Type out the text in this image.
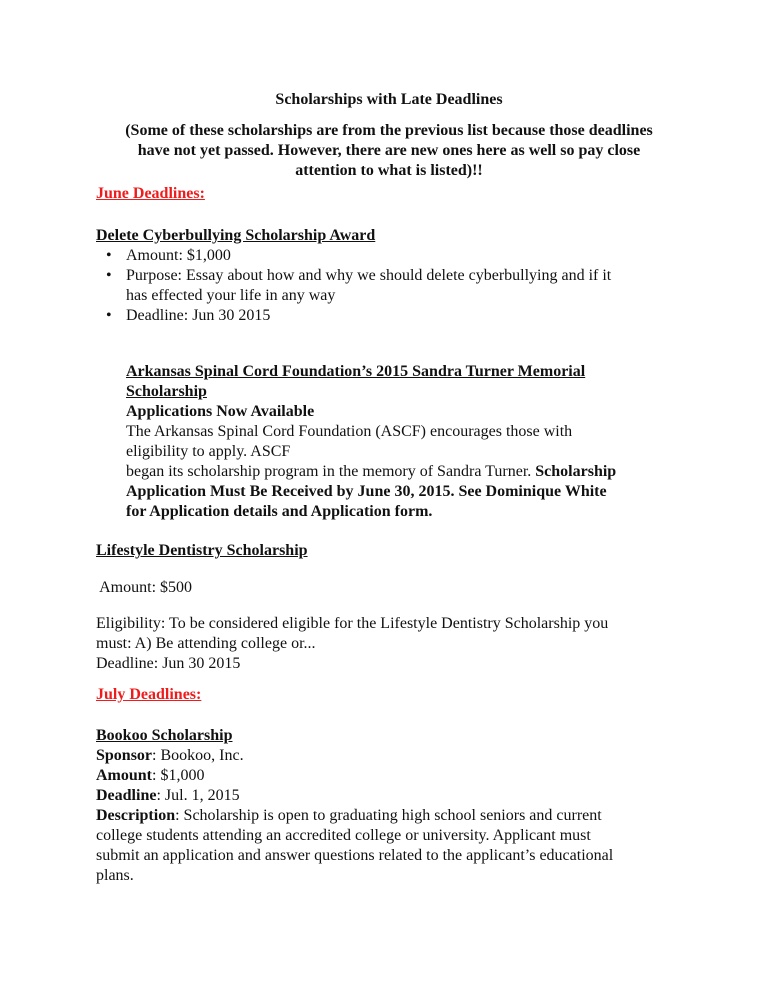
Scholarships with Late Deadlines
(Some of these scholarships are from the previous list because those deadlines
have not yet passed. However, there are new ones here as well so pay close
attention to what is listed)!!
June Deadlines:
Delete Cyberbullying Scholarship Award
• Amount: $1,000
• Purpose: Essay about how and why we should delete cyberbullying and if it
has effected your life in any way
• Deadline: Jun 30 2015
Arkansas Spinal Cord Foundation’s 2015 Sandra Turner Memorial
Scholarship
Applications Now Available
The Arkansas Spinal Cord Foundation (ASCF) encourages those with
eligibility to apply. ASCF
began its scholarship program in the memory of Sandra Turner. Scholarship
Application Must Be Received by June 30, 2015. See Dominique White
for Application details and Application form.
Lifestyle Dentistry Scholarship
Amount: $500
Eligibility: To be considered eligible for the Lifestyle Dentistry Scholarship you
must: A) Be attending college or...
Deadline: Jun 30 2015
July Deadlines:
Bookoo Scholarship
Sponsor: Bookoo, Inc.
Amount: $1,000
Deadline: Jul. 1, 2015
Description: Scholarship is open to graduating high school seniors and current
college students attending an accredited college or university. Applicant must
submit an application and answer questions related to the applicant’s educational
plans.
